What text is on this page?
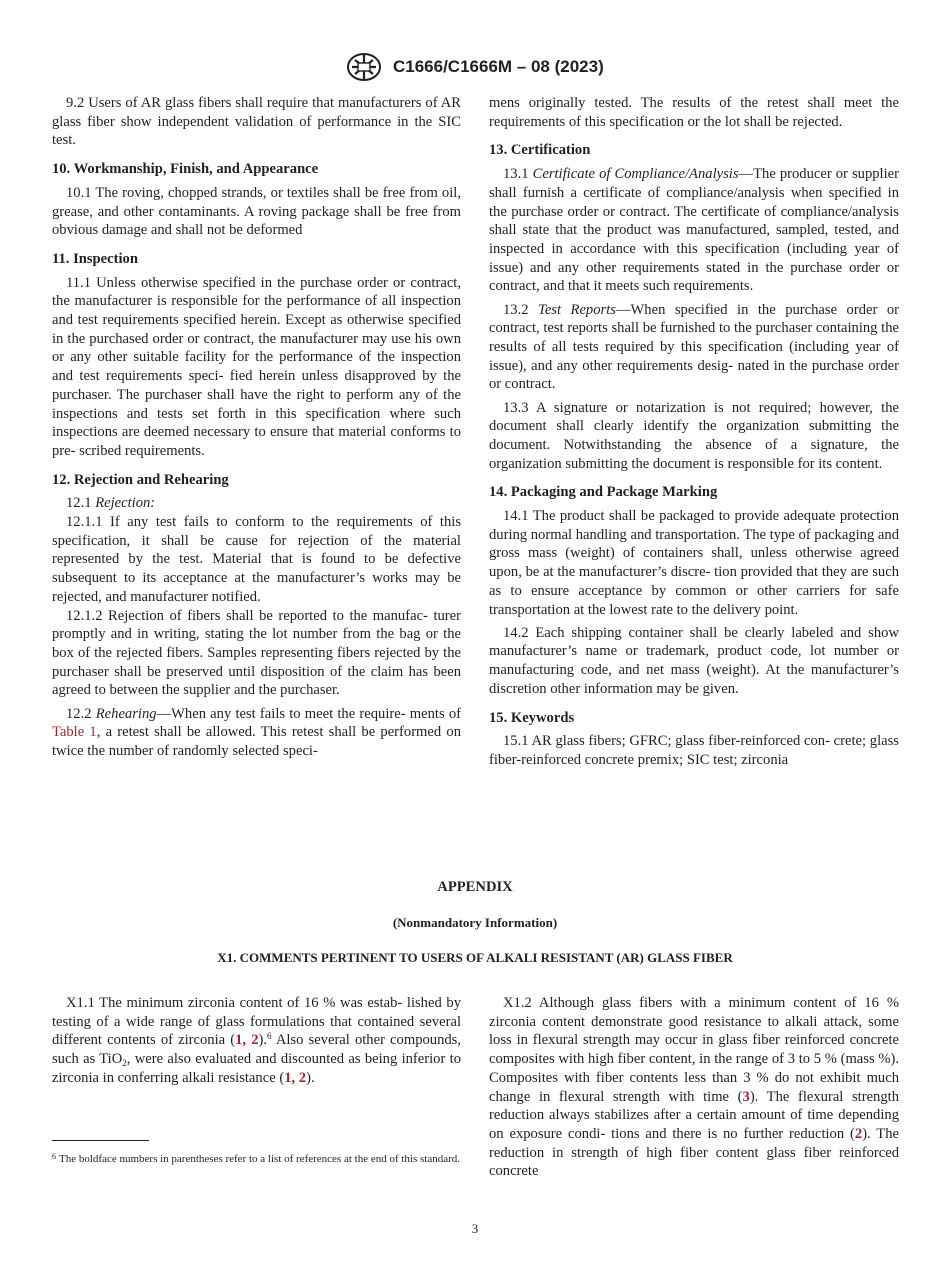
C1666/C1666M – 08 (2023)

9.2 Users of AR glass fibers shall require that manufacturers of AR glass fiber show independent validation of performance in the SIC test.

10. Workmanship, Finish, and Appearance

10.1 The roving, chopped strands, or textiles shall be free from oil, grease, and other contaminants. A roving package shall be free from obvious damage and shall not be deformed

11. Inspection

11.1 Unless otherwise specified in the purchase order or contract, the manufacturer is responsible for the performance of all inspection and test requirements specified herein. Except as otherwise specified in the purchased order or contract, the manufacturer may use his own or any other suitable facility for the performance of the inspection and test requirements speci- fied herein unless disapproved by the purchaser. The purchaser shall have the right to perform any of the inspections and tests set forth in this specification where such inspections are deemed necessary to ensure that material conforms to pre- scribed requirements.

12. Rejection and Rehearing

12.1 Rejection:

12.1.1 If any test fails to conform to the requirements of this specification, it shall be cause for rejection of the material represented by the test. Material that is found to be defective subsequent to its acceptance at the manufacturer’s works may be rejected, and manufacturer notified.

12.1.2 Rejection of fibers shall be reported to the manufac- turer promptly and in writing, stating the lot number from the bag or the box of the rejected fibers. Samples representing fibers rejected by the purchaser shall be preserved until disposition of the claim has been agreed to between the supplier and the purchaser.

12.2 Rehearing—When any test fails to meet the require- ments of Table 1, a retest shall be allowed. This retest shall be performed on twice the number of randomly selected speci-

mens originally tested. The results of the retest shall meet the requirements of this specification or the lot shall be rejected.

13. Certification

13.1 Certificate of Compliance/Analysis—The producer or supplier shall furnish a certificate of compliance/analysis when specified in the purchase order or contract. The certificate of compliance/analysis shall state that the product was manufactured, sampled, tested, and inspected in accordance with this specification (including year of issue) and any other requirements stated in the purchase order or contract, and that it meets such requirements.

13.2 Test Reports—When specified in the purchase order or contract, test reports shall be furnished to the purchaser containing the results of all tests required by this specification (including year of issue), and any other requirements desig- nated in the purchase order or contract.

13.3 A signature or notarization is not required; however, the document shall clearly identify the organization submitting the document. Notwithstanding the absence of a signature, the organization submitting the document is responsible for its content.

14. Packaging and Package Marking

14.1 The product shall be packaged to provide adequate protection during normal handling and transportation. The type of packaging and gross mass (weight) of containers shall, unless otherwise agreed upon, be at the manufacturer’s discre- tion provided that they are such as to ensure acceptance by common or other carriers for safe transportation at the lowest rate to the delivery point.

14.2 Each shipping container shall be clearly labeled and show manufacturer’s name or trademark, product code, lot number or manufacturing code, and net mass (weight). At the manufacturer’s discretion other information may be given.

15. Keywords

15.1 AR glass fibers; GFRC; glass fiber-reinforced con- crete; glass fiber-reinforced concrete premix; SIC test; zirconia

APPENDIX
(Nonmandatory Information)
X1. COMMENTS PERTINENT TO USERS OF ALKALI RESISTANT (AR) GLASS FIBER

X1.1 The minimum zirconia content of 16 % was estab- lished by testing of a wide range of glass formulations that contained several different contents of zirconia (1, 2).$^6$ Also several other compounds, such as TiO$_2$, were also evaluated and discounted as being inferior to zirconia in conferring alkali resistance (1, 2).

X1.2 Although glass fibers with a minimum content of 16 % zirconia content demonstrate good resistance to alkali attack, some loss in flexural strength may occur in glass fiber reinforced concrete composites with high fiber content, in the range of 3 to 5 % (mass %). Composites with fiber contents less than 3 % do not exhibit much change in flexural strength with time (3). The flexural strength reduction always stabilizes after a certain amount of time depending on exposure condi- tions and there is no further reduction (2). The reduction in strength of high fiber content glass fiber reinforced concrete

$^6$ The boldface numbers in parentheses refer to a list of references at the end of this standard.
3
